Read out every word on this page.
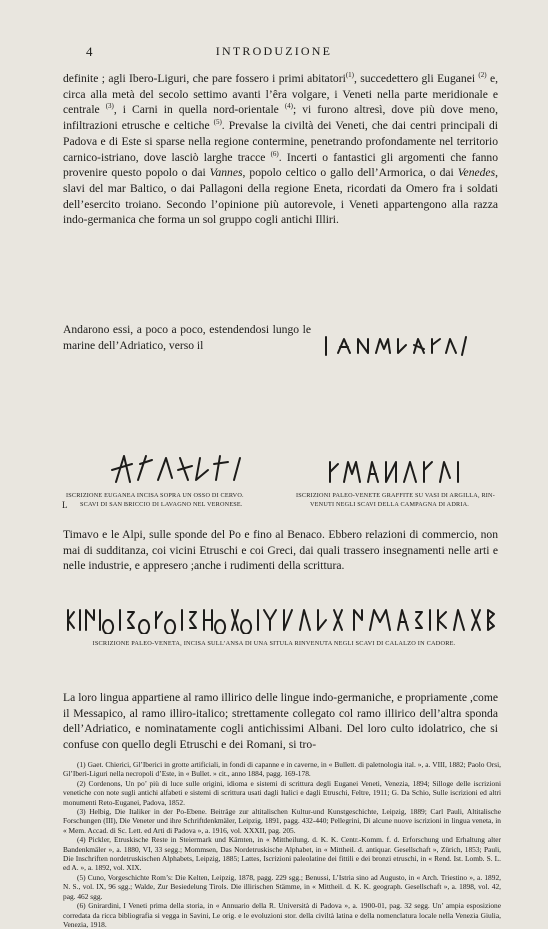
4	INTRODUZIONE

definite ; agli Ibero-Liguri, che pare fossero i primi abitatori$^{(1)}$, succedettero gli Euganei $^{(2)}$ e, circa alla metà del secolo settimo avanti l’êra volgare, i Veneti nella parte meridionale e centrale $^{(3)}$, i Carni in quella nord-orientale $^{(4)}$; vi furono altresì, dove più dove meno, infiltrazioni etrusche e celtiche $^{(5)}$. Prevalse la civiltà dei Veneti, che dai centri principali di Padova e di Este si sparse nella regione contermine, penetrando profondamente nel territorio carnico-istriano, dove lasciò larghe tracce $^{(6)}$. Incerti o fantastici gli argomenti che fanno provenire questo popolo o dai Vannes, popolo celtico o gallo dell’Armorica, o dai Venedes, slavi del mar Baltico, o dai Pallagoni della regione Eneta, ricordati da Omero fra i soldati dell’esercito troiano. Secondo l’opinione più autorevole, i Veneti appartengono alla razza indo-germanica che forma un sol gruppo cogli antichi Illiri.

Andarono essi, a poco a poco, estendendosi lungo le marine dell’Adriatico, verso il
ISCRIZIONE EUGANEA INCISA SOPRA UN OSSO DI CERVO.
SCAVI DI SAN BRICCIO DI LAVAGNO NEL VERONESE.
L
ISCRIZIONI PALEO-VENETE GRAFFITE SU VASI DI ARGILLA, RIN-
VENUTI NEGLI SCAVI DELLA CAMPAGNA DI ADRIA.
Timavo e le Alpi, sulle sponde del Po e fino al Benaco. Ebbero relazioni di commercio, non mai di sudditanza, coi vicini Etruschi e coi Greci, dai quali trassero insegnamenti nelle arti e nelle industrie, e appresero ;anche i rudimenti della scrittura.
ISCRIZIONE PALEO-VENETA, INCISA SULL’ANSA DI UNA SITULA RINVENUTA NEGLI SCAVI DI CALALZO IN CADORE.
La loro lingua appartiene al ramo illirico delle lingue indo-germaniche, e propriamente ,come il Messapico, al ramo illiro-italico; strettamente collegato col ramo illirico dell’altra sponda dell’Adriatico, e nominatamente cogli antichissimi Albani. Del loro culto idolatrico, che si confuse con quello degli Etruschi e dei Romani, si tro-

(1) Gaet. Chierici, Gl’Iberici in grotte artificiali, in fondi di capanne e in caverne, in « Bullett. di paletnologia ital. », a. VIII, 1882; Paolo Orsi, Gl’Iberi-Liguri nella necropoli d’Este, in « Bullet. » cit., anno 1884, pagg. 169-178.

(2) Cordenons, Un po’ più di luce sulle origini, idioma e sistemi di scrittura degli Euganei Veneti, Venezia, 1894; Silloge delle iscrizioni venetiche con note sugli antichi alfabeti e sistemi di scrittura usati dagli Italici e dagli Etruschi, Feltre, 1911; G. Da Schio, Sulle iscrizioni ed altri monumenti Reto-Euganei, Padova, 1852.

(3) Helbig, Die Italiker in der Po-Ebene. Beiträge zur altitalischen Kultur-und Kunstgeschichte, Leipzig, 1889; Carl Pauli, Altitalische Forschungen (III), Die Veneter und ihre Schriftdenkmäler, Leipzig, 1891, pagg. 432-440; Pellegrini, Di alcune nuove iscrizioni in lingua veneta, in « Mem. Accad. di Sc. Lett. ed Arti di Padova », a. 1916, vol. XXXII, pag. 205.

(4) Pickler, Etruskische Reste in Steiermark und Kärnten, in « Mittheilung. d. K. K. Centr.-Komm. f. d. Erforschung und Erhaltung alter Bandenkmäler », a. 1880, VI, 33 segg.; Mommsen, Das Nordetruskische Alphabet, in « Mittheil. d. antiquar. Gesellschaft », Zürich, 1853; Pauli, Die Inschriften nordetruskischen Alphabets, Leipzig, 1885; Lattes, Iscrizioni paleolatine dei fittili e dei bronzi etruschi, in « Rend. Ist. Lomb. S. L. ed A. », a. 1892, vol. XIX.

(5) Cuno, Vorgeschichte Rom’s: Die Kelten, Leipzig, 1878, pagg. 229 sgg.; Benussi, L’Istria sino ad Augusto, in « Arch. Triestino », a. 1892, N. S., vol. IX, 96 sgg.; Walde, Zur Besiedelung Tirols. Die illirischen Stämme, in « Mittheil. d. K. K. geograph. Gesellschaft », a. 1898, vol. 42, pag. 462 sgg.

(6) Gnirardini, I Veneti prima della storia, in « Annuario della R. Università di Padova », a. 1900-01, pag. 32 segg. Un’ ampia esposizione corredata da ricca bibliografia si vegga in Savini, Le orig. e le evoluzioni stor. della civiltà latina e della nomenclatura locale nella Venezia Giulia, Venezia, 1918.
